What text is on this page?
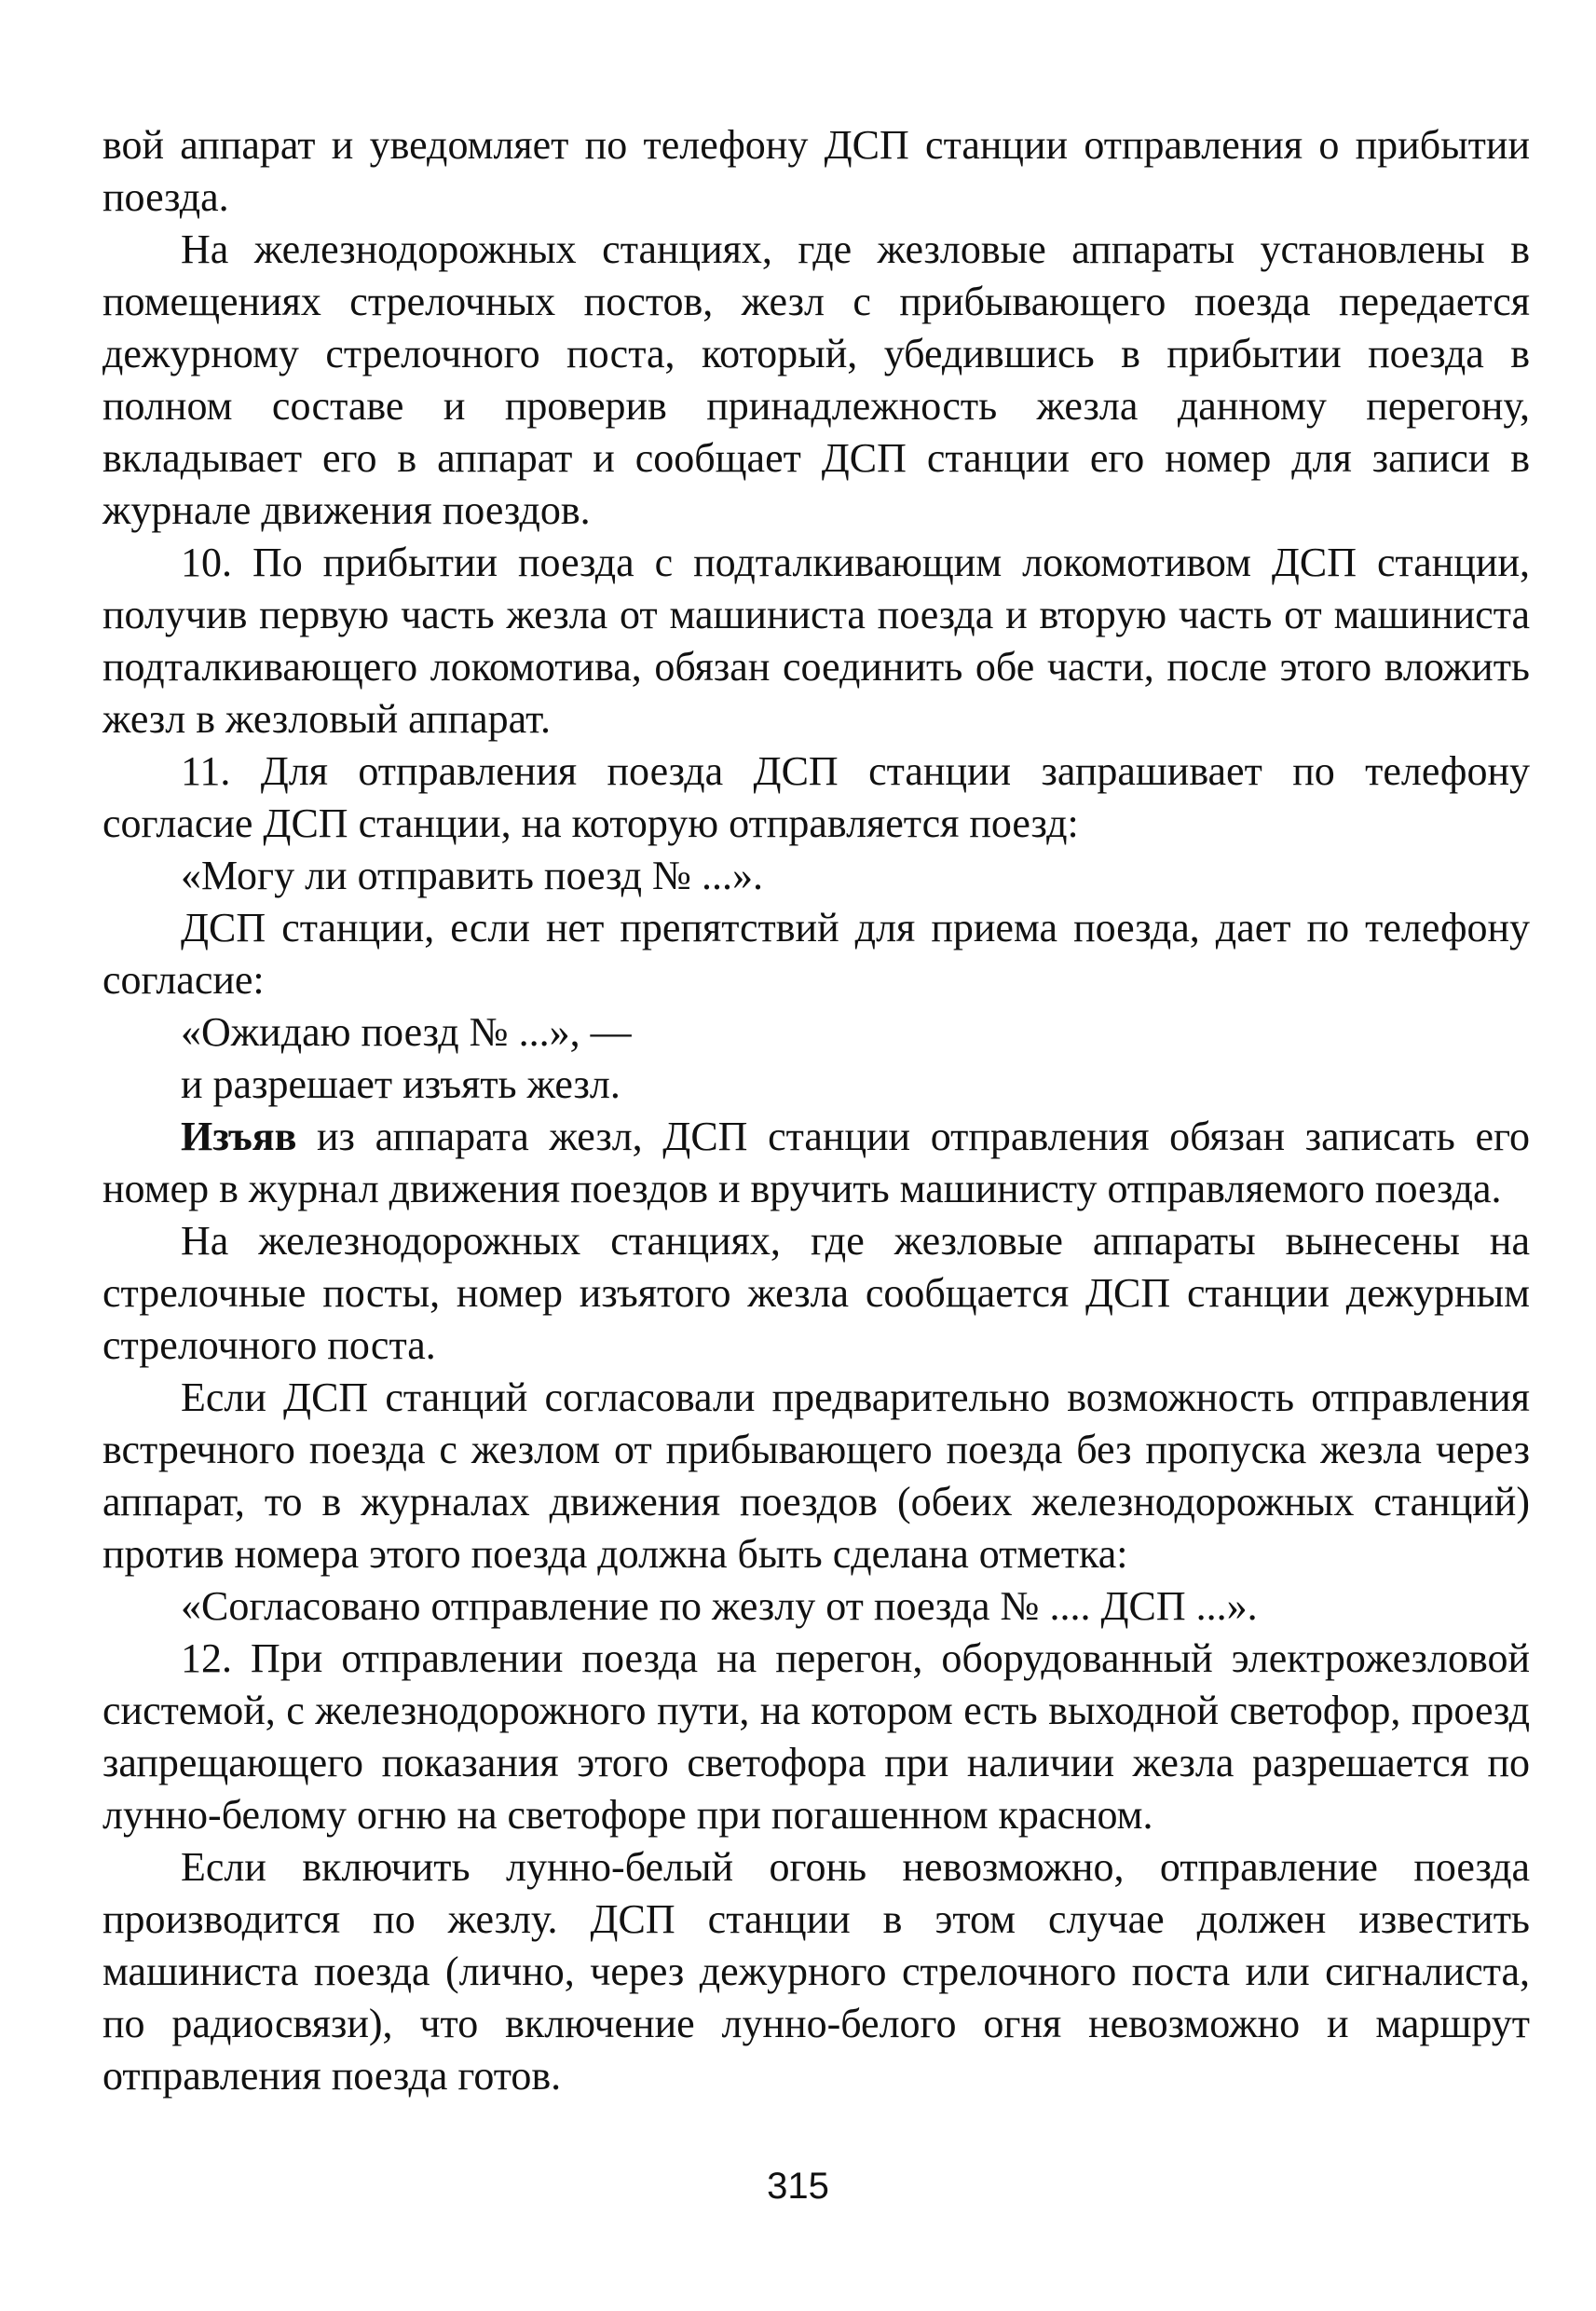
вой аппарат и уведомляет по телефону ДСП станции отправления о прибытии поезда.

На железнодорожных станциях, где жезловые аппараты установлены в помещениях стрелочных постов, жезл с прибывающего поезда передается дежурному стрелочного поста, который, убедившись в прибытии поезда в полном составе и проверив принадлежность жезла данному перегону, вкладывает его в аппарат и сообщает ДСП станции его номер для записи в журнале движения поездов.

10. По прибытии поезда с подталкивающим локомотивом ДСП станции, получив первую часть жезла от машиниста поезда и вторую часть от машиниста подталкивающего локомотива, обязан соединить обе части, после этого вложить жезл в жезловый аппарат.

11. Для отправления поезда ДСП станции запрашивает по телефону согласие ДСП станции, на которую отправляется поезд:

«Могу ли отправить поезд № ...».

ДСП станции, если нет препятствий для приема поезда, дает по телефону согласие:

«Ожидаю поезд № ...», —

и разрешает изъять жезл.

Изъяв из аппарата жезл, ДСП станции отправления обязан записать его номер в журнал движения поездов и вручить машинисту отправляемого поезда.

На железнодорожных станциях, где жезловые аппараты вынесены на стрелочные посты, номер изъятого жезла сообщается ДСП станции дежурным стрелочного поста.

Если ДСП станций согласовали предварительно возможность отправления встречного поезда с жезлом от прибывающего поезда без пропуска жезла через аппарат, то в журналах движения поездов (обеих железнодорожных станций) против номера этого поезда должна быть сделана отметка:

«Согласовано отправление по жезлу от поезда № .... ДСП ...».

12. При отправлении поезда на перегон, оборудованный электрожезловой системой, с железнодорожного пути, на котором есть выходной светофор, проезд запрещающего показания этого светофора при наличии жезла разрешается по лунно-белому огню на светофоре при погашенном красном.

Если включить лунно-белый огонь невозможно, отправление поезда производится по жезлу. ДСП станции в этом случае должен известить машиниста поезда (лично, через дежурного стрелочного поста или сигналиста, по радиосвязи), что включение лунно-белого огня невозможно и маршрут отправления поезда готов.

315
